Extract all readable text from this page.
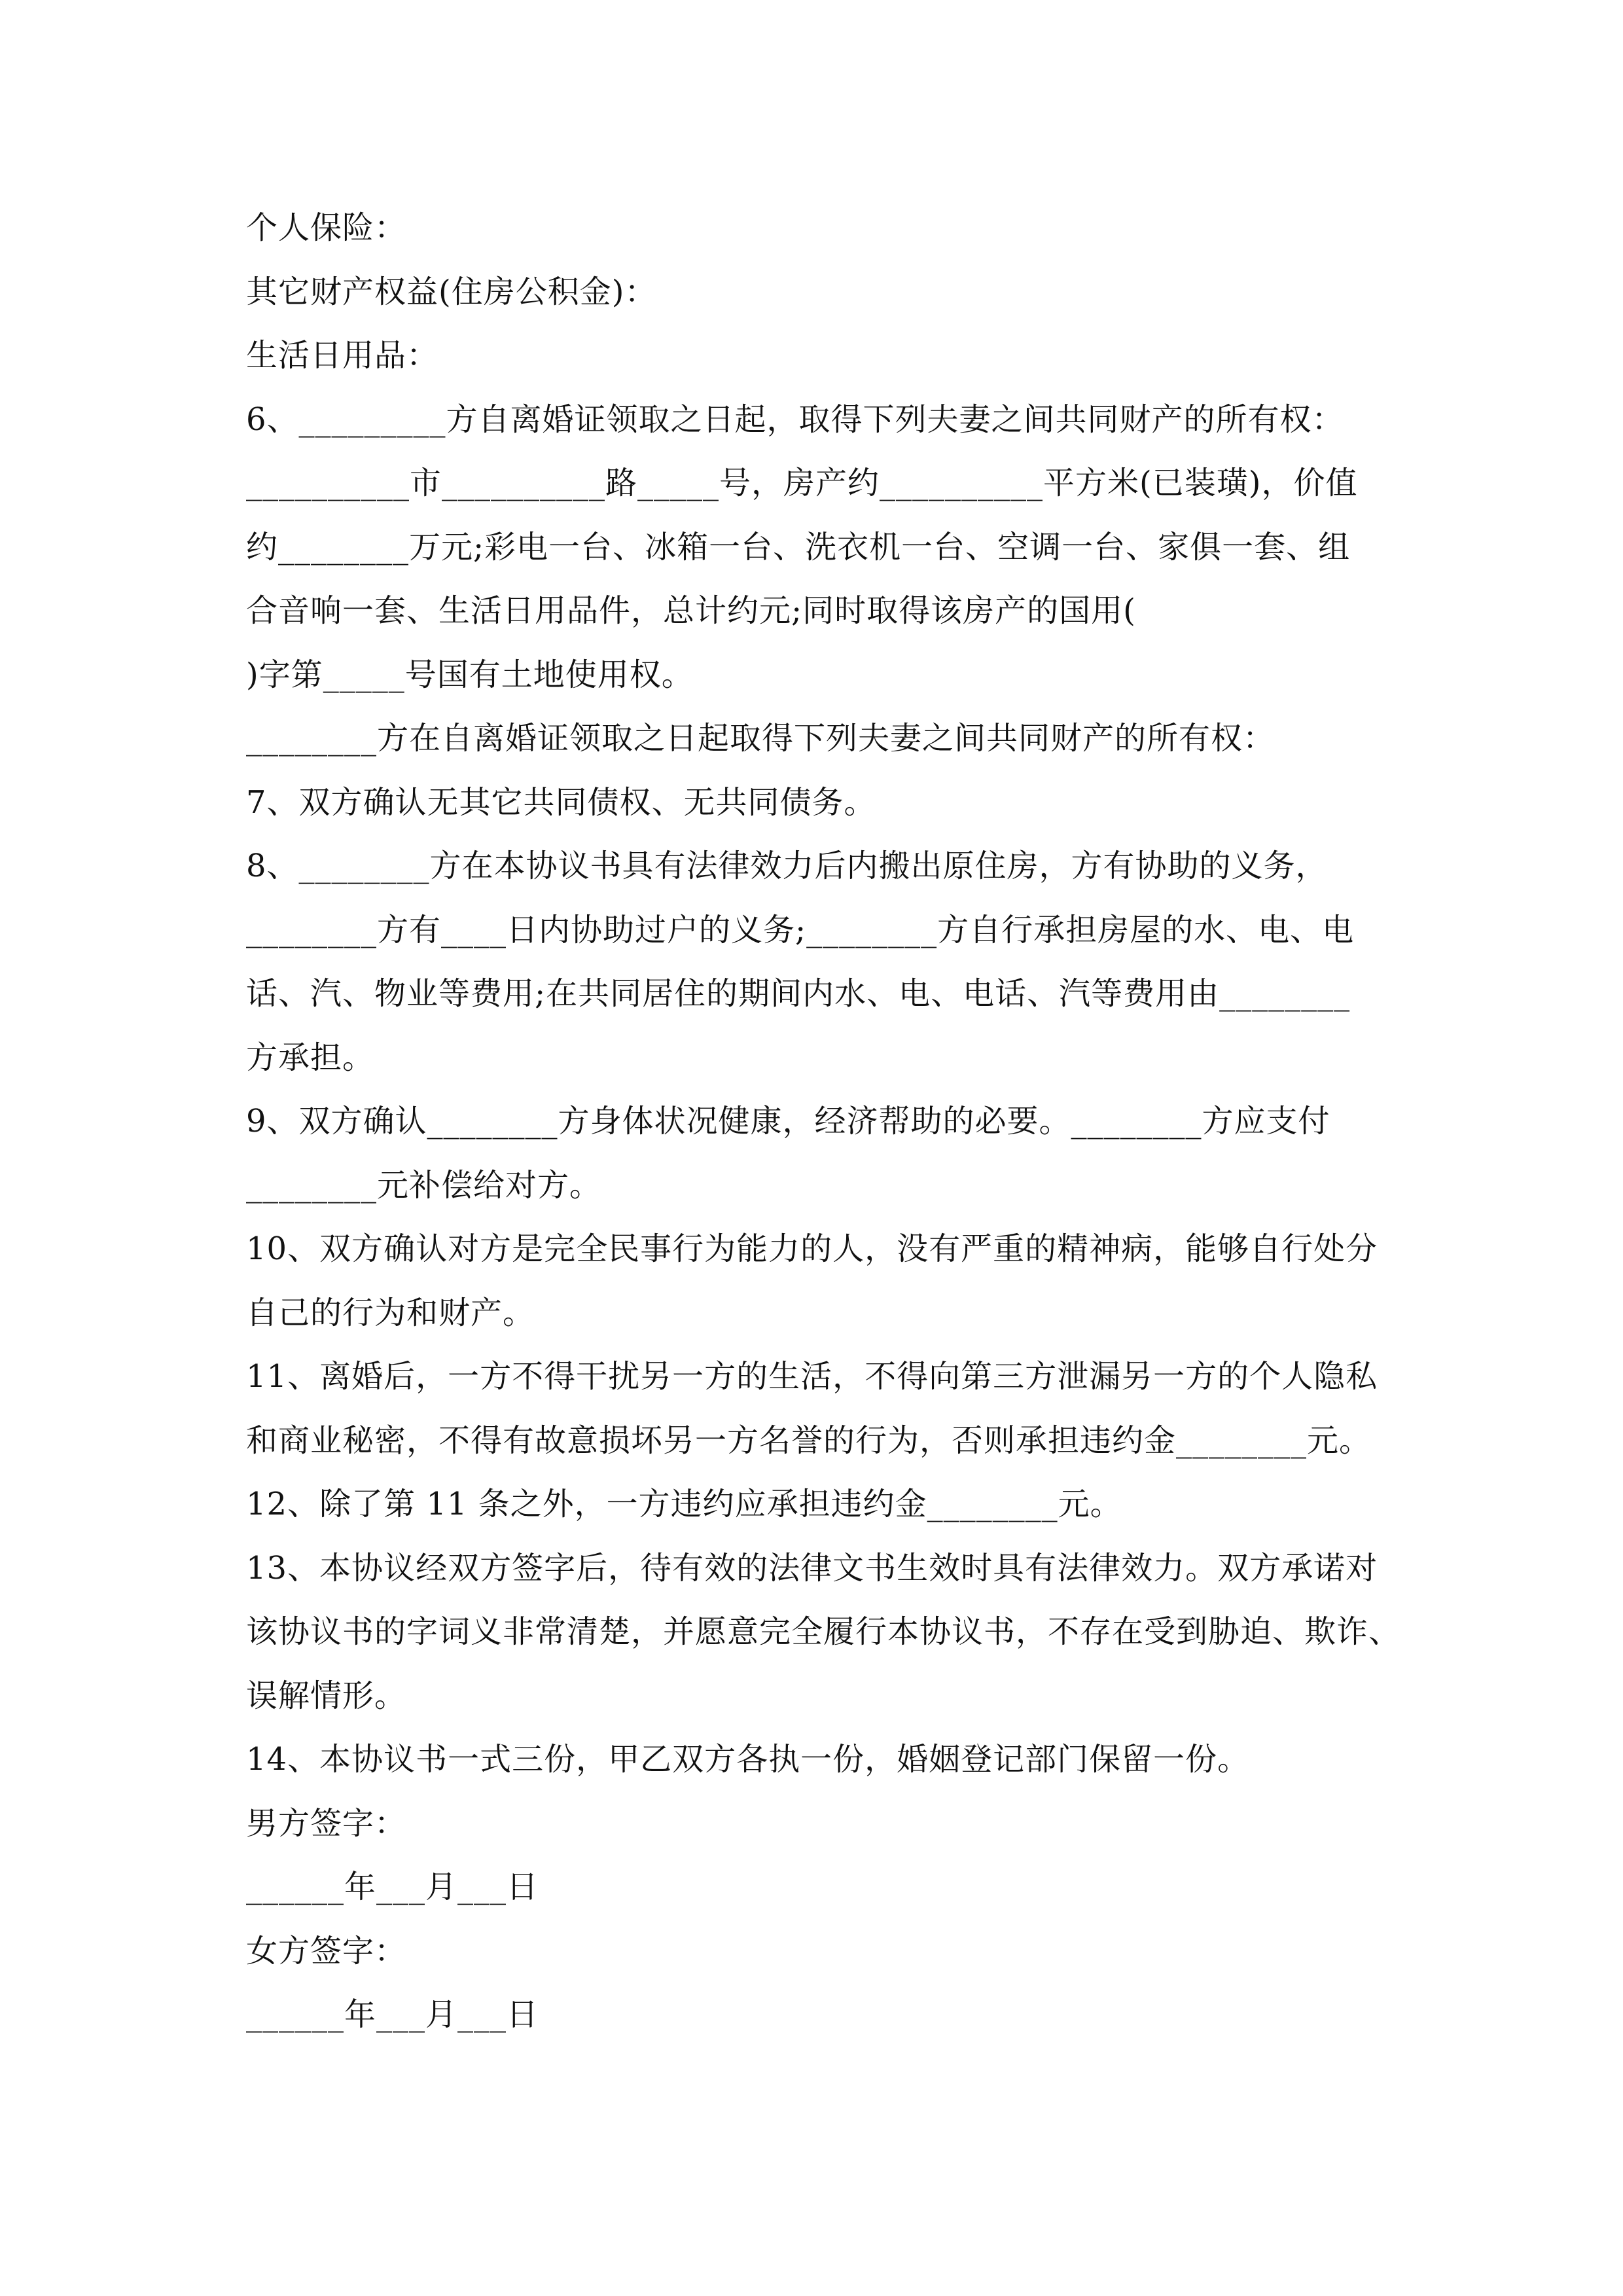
个人保险：
其它财产权益(住房公积金)：
生活日用品：
6、_________方自离婚证领取之日起，取得下列夫妻之间共同财产的所有权：
__________市__________路_____号，房产约__________平方米(已装璜)，价值
约________万元;彩电一台、冰箱一台、洗衣机一台、空调一台、家俱一套、组
合音响一套、生活日用品件，总计约元;同时取得该房产的国用(
)字第_____号国有土地使用权。
________方在自离婚证领取之日起取得下列夫妻之间共同财产的所有权：
7、双方确认无其它共同债权、无共同债务。
8、________方在本协议书具有法律效力后内搬出原住房，方有协助的义务，
________方有____日内协助过户的义务;________方自行承担房屋的水、电、电
话、汽、物业等费用;在共同居住的期间内水、电、电话、汽等费用由________
方承担。
9、双方确认________方身体状况健康，经济帮助的必要。________方应支付
________元补偿给对方。
10、双方确认对方是完全民事行为能力的人，没有严重的精神病，能够自行处分
自己的行为和财产。
11、离婚后，一方不得干扰另一方的生活，不得向第三方泄漏另一方的个人隐私
和商业秘密，不得有故意损坏另一方名誉的行为，否则承担违约金________元。
12、除了第 11 条之外，一方违约应承担违约金________元。
13、本协议经双方签字后，待有效的法律文书生效时具有法律效力。双方承诺对
该协议书的字词义非常清楚，并愿意完全履行本协议书，不存在受到胁迫、欺诈、
误解情形。
14、本协议书一式三份，甲乙双方各执一份，婚姻登记部门保留一份。
男方签字：
______年___月___日
女方签字：
______年___月___日
